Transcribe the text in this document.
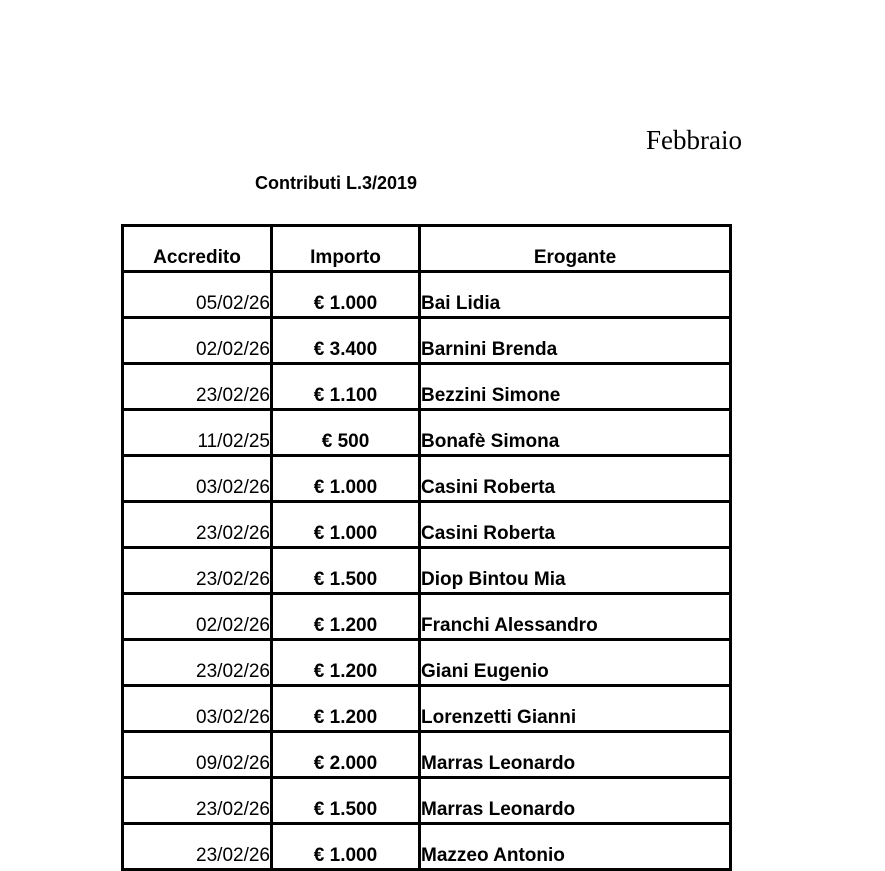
Febbraio
Contributi L.3/2019
Accredito	Importo	Erogante
05/02/26	€ 1.000	Bai Lidia
02/02/26	€ 3.400	Barnini Brenda
23/02/26	€ 1.100	Bezzini Simone
11/02/25	€ 500	Bonafè Simona
03/02/26	€ 1.000	Casini Roberta
23/02/26	€ 1.000	Casini Roberta
23/02/26	€ 1.500	Diop Bintou Mia
02/02/26	€ 1.200	Franchi Alessandro
23/02/26	€ 1.200	Giani Eugenio
03/02/26	€ 1.200	Lorenzetti Gianni
09/02/26	€ 2.000	Marras Leonardo
23/02/26	€ 1.500	Marras Leonardo
23/02/26	€ 1.000	Mazzeo Antonio
